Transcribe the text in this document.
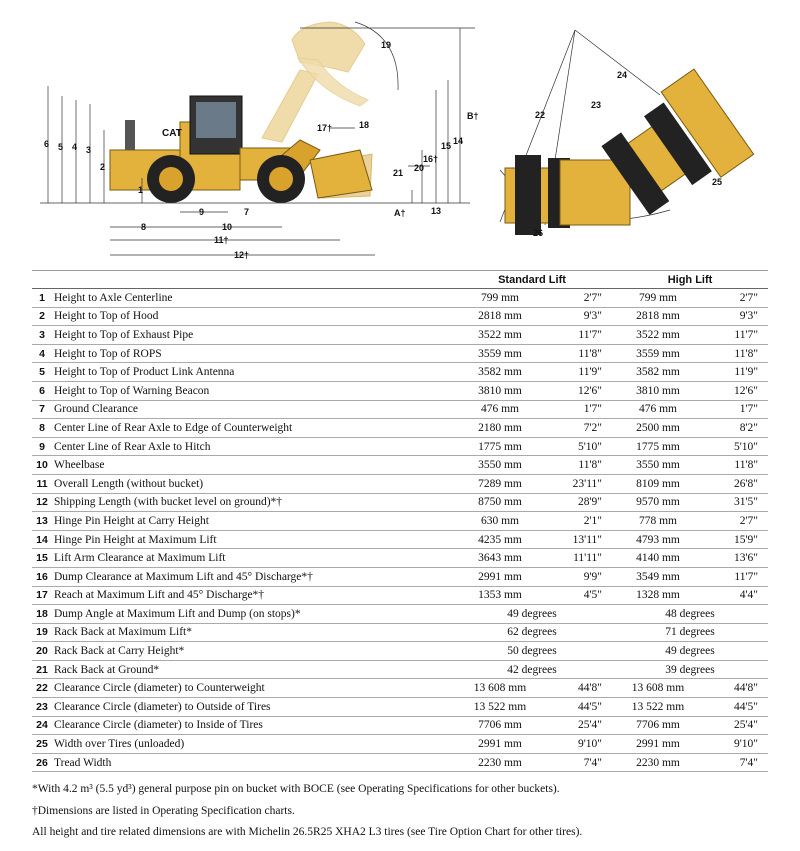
CAT
6 5 4 3
2
1
7
8
9
10
11†
12†
13
14
15
16†
17†	18
19
20
21
A†
B†	22
23
24
25
26
		Standard Lift		High Lift	
1	Height to Axle Centerline	799 mm	2'7"	799 mm	2'7"
2	Height to Top of Hood	2818 mm	9'3"	2818 mm	9'3"
3	Height to Top of Exhaust Pipe	3522 mm	11'7"	3522 mm	11'7"
4	Height to Top of ROPS	3559 mm	11'8"	3559 mm	11'8"
5	Height to Top of Product Link Antenna	3582 mm	11'9"	3582 mm	11'9"
6	Height to Top of Warning Beacon	3810 mm	12'6"	3810 mm	12'6"
7	Ground Clearance	476 mm	1'7"	476 mm	1'7"
8	Center Line of Rear Axle to Edge of Counterweight	2180 mm	7'2"	2500 mm	8'2"
9	Center Line of Rear Axle to Hitch	1775 mm	5'10"	1775 mm	5'10"
10	Wheelbase	3550 mm	11'8"	3550 mm	11'8"
11	Overall Length (without bucket)	7289 mm	23'11"	8109 mm	26'8"
12	Shipping Length (with bucket level on ground)*†	8750 mm	28'9"	9570 mm	31'5"
13	Hinge Pin Height at Carry Height	630 mm	2'1"	778 mm	2'7"
14	Hinge Pin Height at Maximum Lift	4235 mm	13'11"	4793 mm	15'9"
15	Lift Arm Clearance at Maximum Lift	3643 mm	11'11"	4140 mm	13'6"
16	Dump Clearance at Maximum Lift and 45° Discharge*†	2991 mm	9'9"	3549 mm	11'7"
17	Reach at Maximum Lift and 45° Discharge*†	1353 mm	4'5"	1328 mm	4'4"
18	Dump Angle at Maximum Lift and Dump (on stops)*	49 degrees		48 degrees	
19	Rack Back at Maximum Lift*	62 degrees		71 degrees	
20	Rack Back at Carry Height*	50 degrees		49 degrees	
21	Rack Back at Ground*	42 degrees		39 degrees	
22	Clearance Circle (diameter) to Counterweight	13 608 mm	44'8"	13 608 mm	44'8"
23	Clearance Circle (diameter) to Outside of Tires	13 522 mm	44'5"	13 522 mm	44'5"
24	Clearance Circle (diameter) to Inside of Tires	7706 mm	25'4"	7706 mm	25'4"
25	Width over Tires (unloaded)	2991 mm	9'10"	2991 mm	9'10"
26	Tread Width	2230 mm	7'4"	2230 mm	7'4"
*With 4.2 m³ (5.5 yd³) general purpose pin on bucket with BOCE (see Operating Specifications for other buckets).
†Dimensions are listed in Operating Specification charts.
All height and tire related dimensions are with Michelin 26.5R25 XHA2 L3 tires (see Tire Option Chart for other tires).
